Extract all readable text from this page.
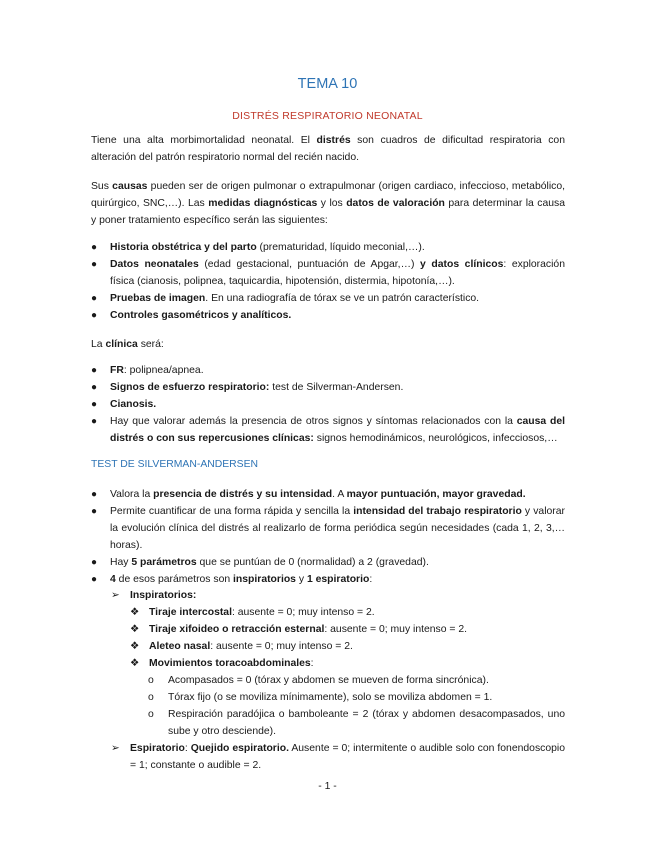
TEMA 10
DISTRÉS RESPIRATORIO NEONATAL
Tiene una alta morbimortalidad neonatal. El distrés son cuadros de dificultad respiratoria con alteración del patrón respiratorio normal del recién nacido.
Sus causas pueden ser de origen pulmonar o extrapulmonar (origen cardiaco, infeccioso, metabólico, quirúrgico, SNC,…). Las medidas diagnósticas y los datos de valoración para determinar la causa y poner tratamiento específico serán las siguientes:
● Historia obstétrica y del parto (prematuridad, líquido meconial,…).
● Datos neonatales (edad gestacional, puntuación de Apgar,…) y datos clínicos: exploración física (cianosis, polipnea, taquicardia, hipotensión, distermia, hipotonía,…).
● Pruebas de imagen. En una radiografía de tórax se ve un patrón característico.
● Controles gasométricos y analíticos.
La clínica será:
● FR: polipnea/apnea.
● Signos de esfuerzo respiratorio: test de Silverman-Andersen.
● Cianosis.
● Hay que valorar además la presencia de otros signos y síntomas relacionados con la causa del distrés o con sus repercusiones clínicas: signos hemodinámicos, neurológicos, infecciosos,…
TEST DE SILVERMAN-ANDERSEN
● Valora la presencia de distrés y su intensidad. A mayor puntuación, mayor gravedad.
● Permite cuantificar de una forma rápida y sencilla la intensidad del trabajo respiratorio y valorar la evolución clínica del distrés al realizarlo de forma periódica según necesidades (cada 1, 2, 3,… horas).
● Hay 5 parámetros que se puntúan de 0 (normalidad) a 2 (gravedad).
● 4 de esos parámetros son inspiratorios y 1 espiratorio:
➢ Inspiratorios:
❖ Tiraje intercostal: ausente = 0; muy intenso = 2.
❖ Tiraje xifoideo o retracción esternal: ausente = 0; muy intenso = 2.
❖ Aleteo nasal: ausente = 0; muy intenso = 2.
❖ Movimientos toracoabdominales:
o Acompasados = 0 (tórax y abdomen se mueven de forma sincrónica).
o Tórax fijo (o se moviliza mínimamente), solo se moviliza abdomen = 1.
o Respiración paradójica o bamboleante = 2 (tórax y abdomen desacompasados, uno sube y otro desciende).
➢ Espiratorio: Quejido espiratorio. Ausente = 0; intermitente o audible solo con fonendoscopio = 1; constante o audible = 2.
- 1 -
